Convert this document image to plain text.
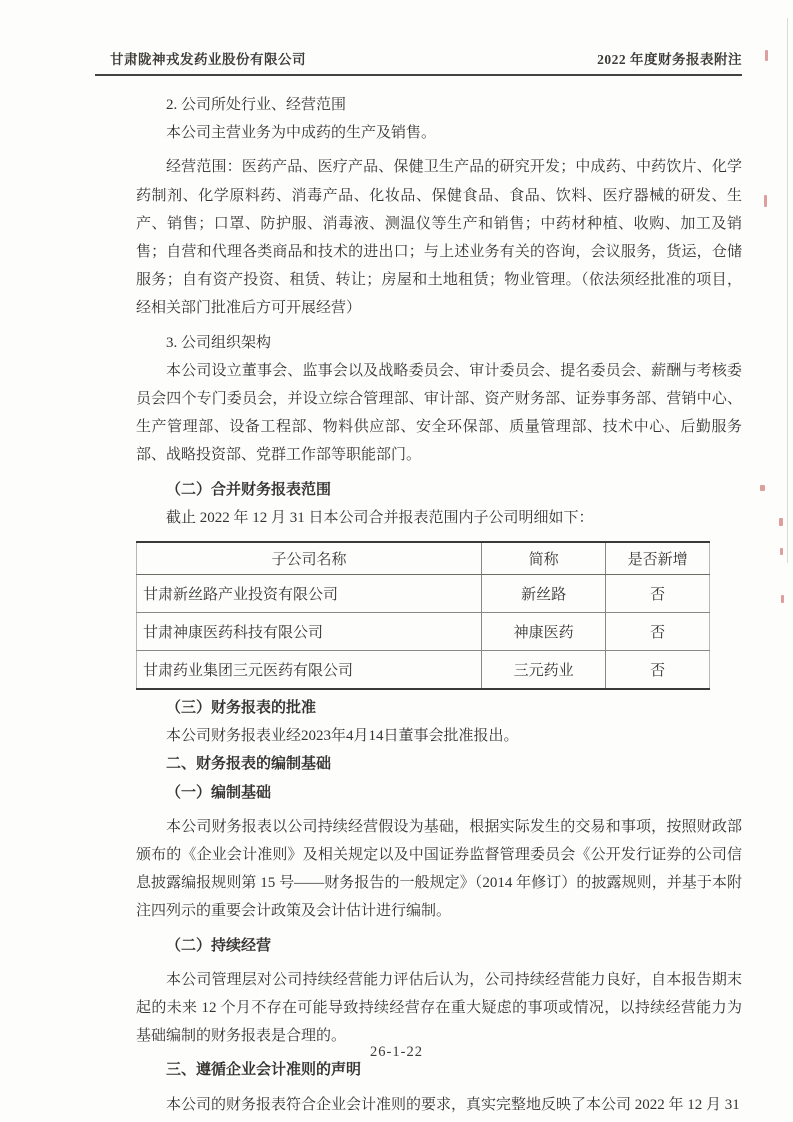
甘肃陇神戎发药业股份有限公司	2022 年度财务报表附注

2. 公司所处行业、经营范围

本公司主营业务为中成药的生产及销售。

经营范围：医药产品、医疗产品、保健卫生产品的研究开发；中成药、中药饮片、化学药制剂、化学原料药、消毒产品、化妆品、保健食品、食品、饮料、医疗器械的研发、生产、销售；口罩、防护服、消毒液、测温仪等生产和销售；中药材种植、收购、加工及销售；自营和代理各类商品和技术的进出口；与上述业务有关的咨询，会议服务，货运，仓储服务；自有资产投资、租赁、转让；房屋和土地租赁；物业管理。（依法须经批准的项目，经相关部门批准后方可开展经营）

3. 公司组织架构

本公司设立董事会、监事会以及战略委员会、审计委员会、提名委员会、薪酬与考核委员会四个专门委员会，并设立综合管理部、审计部、资产财务部、证券事务部、营销中心、生产管理部、设备工程部、物料供应部、安全环保部、质量管理部、技术中心、后勤服务部、战略投资部、党群工作部等职能部门。

（二）合并财务报表范围

截止 2022 年 12 月 31 日本公司合并报表范围内子公司明细如下：

子公司名称	简称	是否新增
甘肃新丝路产业投资有限公司	新丝路	否
甘肃神康医药科技有限公司	神康医药	否
甘肃药业集团三元医药有限公司	三元药业	否

（三）财务报表的批准

本公司财务报表业经2023年4月14日董事会批准报出。

二、财务报表的编制基础

（一）编制基础

本公司财务报表以公司持续经营假设为基础，根据实际发生的交易和事项，按照财政部颁布的《企业会计准则》及相关规定以及中国证券监督管理委员会《公开发行证券的公司信息披露编报规则第 15 号——财务报告的一般规定》（2014 年修订）的披露规则，并基于本附注四列示的重要会计政策及会计估计进行编制。

（二）持续经营

本公司管理层对公司持续经营能力评估后认为，公司持续经营能力良好，自本报告期末起的未来 12 个月不存在可能导致持续经营存在重大疑虑的事项或情况，以持续经营能力为基础编制的财务报表是合理的。

三、遵循企业会计准则的声明

本公司的财务报表符合企业会计准则的要求，真实完整地反映了本公司 2022 年 12 月 31

26-1-22
